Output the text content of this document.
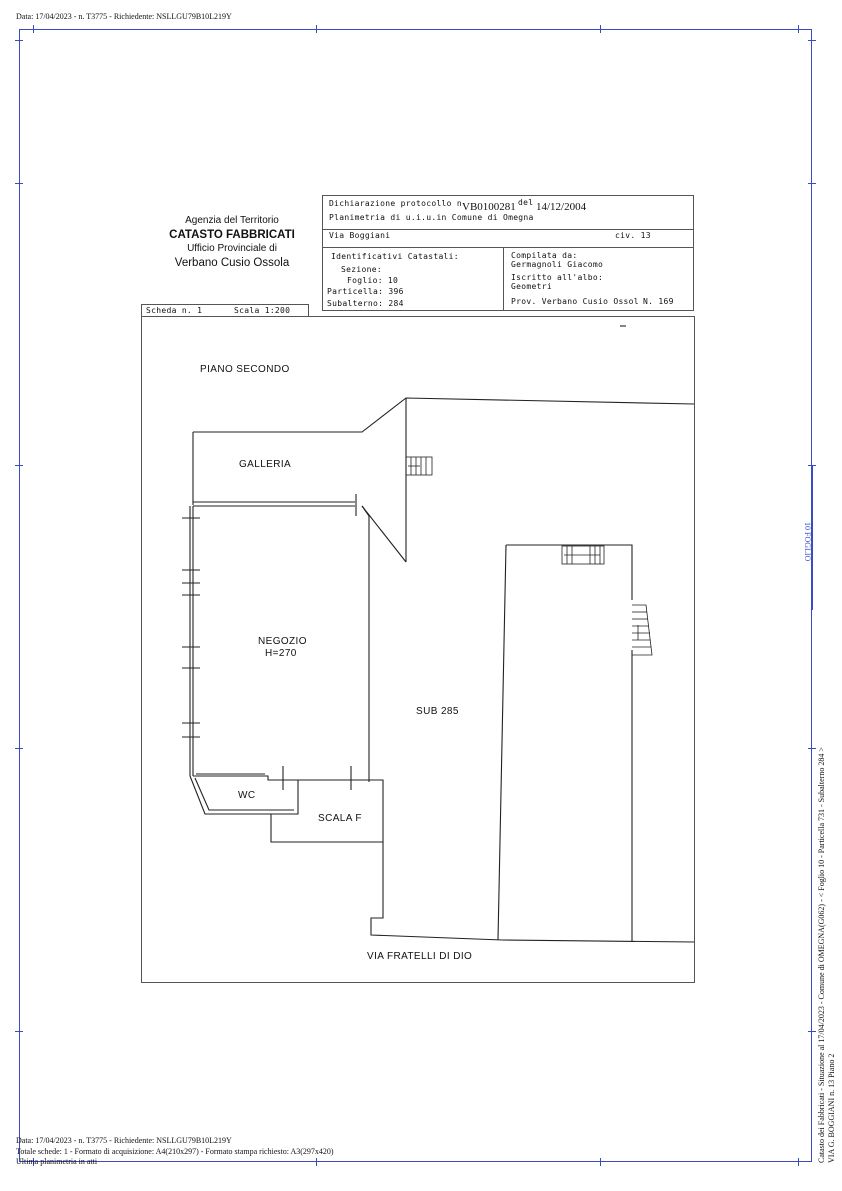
Data: 17/04/2023 - n. T3775 - Richiedente: NSLLGU79B10L219Y
Agenzia del Territorio
CATASTO FABBRICATI
Ufficio Provinciale di
Verbano Cusio Ossola
Dichiarazione protocollo n.
VB0100281 del 14/12/2004
Planimetria di u.i.u.in Comune di Omegna
Via Boggiani	civ. 13
Identificativi Catastali:
Sezione:
Foglio: 10
Particella: 396
Subalterno: 284
Compilata da:
Germagnoli Giacomo
Iscritto all'albo:
Geometri
Prov. Verbano Cusio Ossol N. 169
Scheda n. 1	Scala 1:200
PIANO SECONDO
GALLERIA
NEGOZIO
H=270
SUB 285
WC
SCALA F
VIA FRATELLI DI DIO
10 FOGLIO
Catasto dei Fabbricati - Situazione al 17/04/2023 - Comune di OMEGNA(G062) - < Foglio 10 - Particella 731 - Subalterno 284 > VIA G. BOGGIANI n. 13 Piano 2
Data: 17/04/2023 - n. T3775 - Richiedente: NSLLGU79B10L219Y
Totale schede: 1 - Formato di acquisizione: A4(210x297) - Formato stampa richiesto: A3(297x420)
Ultima planimetria in atti
